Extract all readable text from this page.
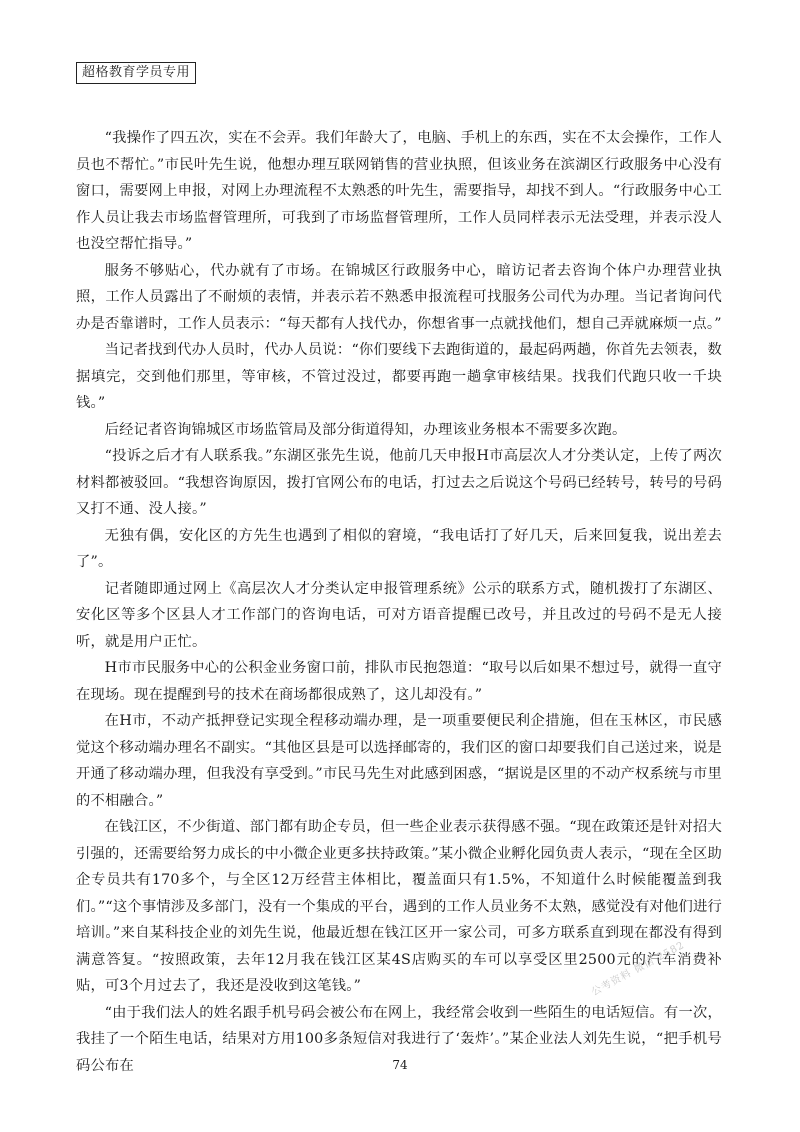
超格教育学员专用

“我操作了四五次，实在不会弄。我们年龄大了，电脑、手机上的东西，实在不太会操作，工作人员也不帮忙。”市民叶先生说，他想办理互联网销售的营业执照，但该业务在滨湖区行政服务中心没有窗口，需要网上申报，对网上办理流程不太熟悉的叶先生，需要指导，却找不到人。“行政服务中心工作人员让我去市场监督管理所，可我到了市场监督管理所，工作人员同样表示无法受理，并表示没人也没空帮忙指导。”

服务不够贴心，代办就有了市场。在锦城区行政服务中心，暗访记者去咨询个体户办理营业执照，工作人员露出了不耐烦的表情，并表示若不熟悉申报流程可找服务公司代为办理。当记者询问代办是否靠谱时，工作人员表示：“每天都有人找代办，你想省事一点就找他们，想自己弄就麻烦一点。”

当记者找到代办人员时，代办人员说：“你们要线下去跑街道的，最起码两趟，你首先去领表，数据填完，交到他们那里，等审核，不管过没过，都要再跑一趟拿审核结果。找我们代跑只收一千块钱。”

后经记者咨询锦城区市场监管局及部分街道得知，办理该业务根本不需要多次跑。

“投诉之后才有人联系我。”东湖区张先生说，他前几天申报H市高层次人才分类认定，上传了两次材料都被驳回。“我想咨询原因，拨打官网公布的电话，打过去之后说这个号码已经转号，转号的号码又打不通、没人接。”

无独有偶，安化区的方先生也遇到了相似的窘境，“我电话打了好几天，后来回复我，说出差去了”。

记者随即通过网上《高层次人才分类认定申报管理系统》公示的联系方式，随机拨打了东湖区、安化区等多个区县人才工作部门的咨询电话，可对方语音提醒已改号，并且改过的号码不是无人接听，就是用户正忙。

H市市民服务中心的公积金业务窗口前，排队市民抱怨道：“取号以后如果不想过号，就得一直守在现场。现在提醒到号的技术在商场都很成熟了，这儿却没有。”

在H市，不动产抵押登记实现全程移动端办理，是一项重要便民利企措施，但在玉林区，市民感觉这个移动端办理名不副实。“其他区县是可以选择邮寄的，我们区的窗口却要我们自己送过来，说是开通了移动端办理，但我没有享受到。”市民马先生对此感到困惑，“据说是区里的不动产权系统与市里的不相融合。”

在钱江区，不少街道、部门都有助企专员，但一些企业表示获得感不强。“现在政策还是针对招大引强的，还需要给努力成长的中小微企业更多扶持政策。”某小微企业孵化园负责人表示，“现在全区助企专员共有170多个，与全区12万经营主体相比，覆盖面只有1.5%，不知道什么时候能覆盖到我们。”“这个事情涉及多部门，没有一个集成的平台，遇到的工作人员业务不太熟，感觉没有对他们进行培训。”来自某科技企业的刘先生说，他最近想在钱江区开一家公司，可多方联系直到现在都没有得到满意答复。“按照政策，去年12月我在钱江区某4S店购买的车可以享受区里2500元的汽车消费补贴，可3个月过去了，我还是没收到这笔钱。”

“由于我们法人的姓名跟手机号码会被公布在网上，我经常会收到一些陌生的电话短信。有一次，我挂了一个陌生电话，结果对方用100多条短信对我进行了‘轰炸’。”某企业法人刘先生说，“把手机号码公布在

公考资料 微信 2582
74
